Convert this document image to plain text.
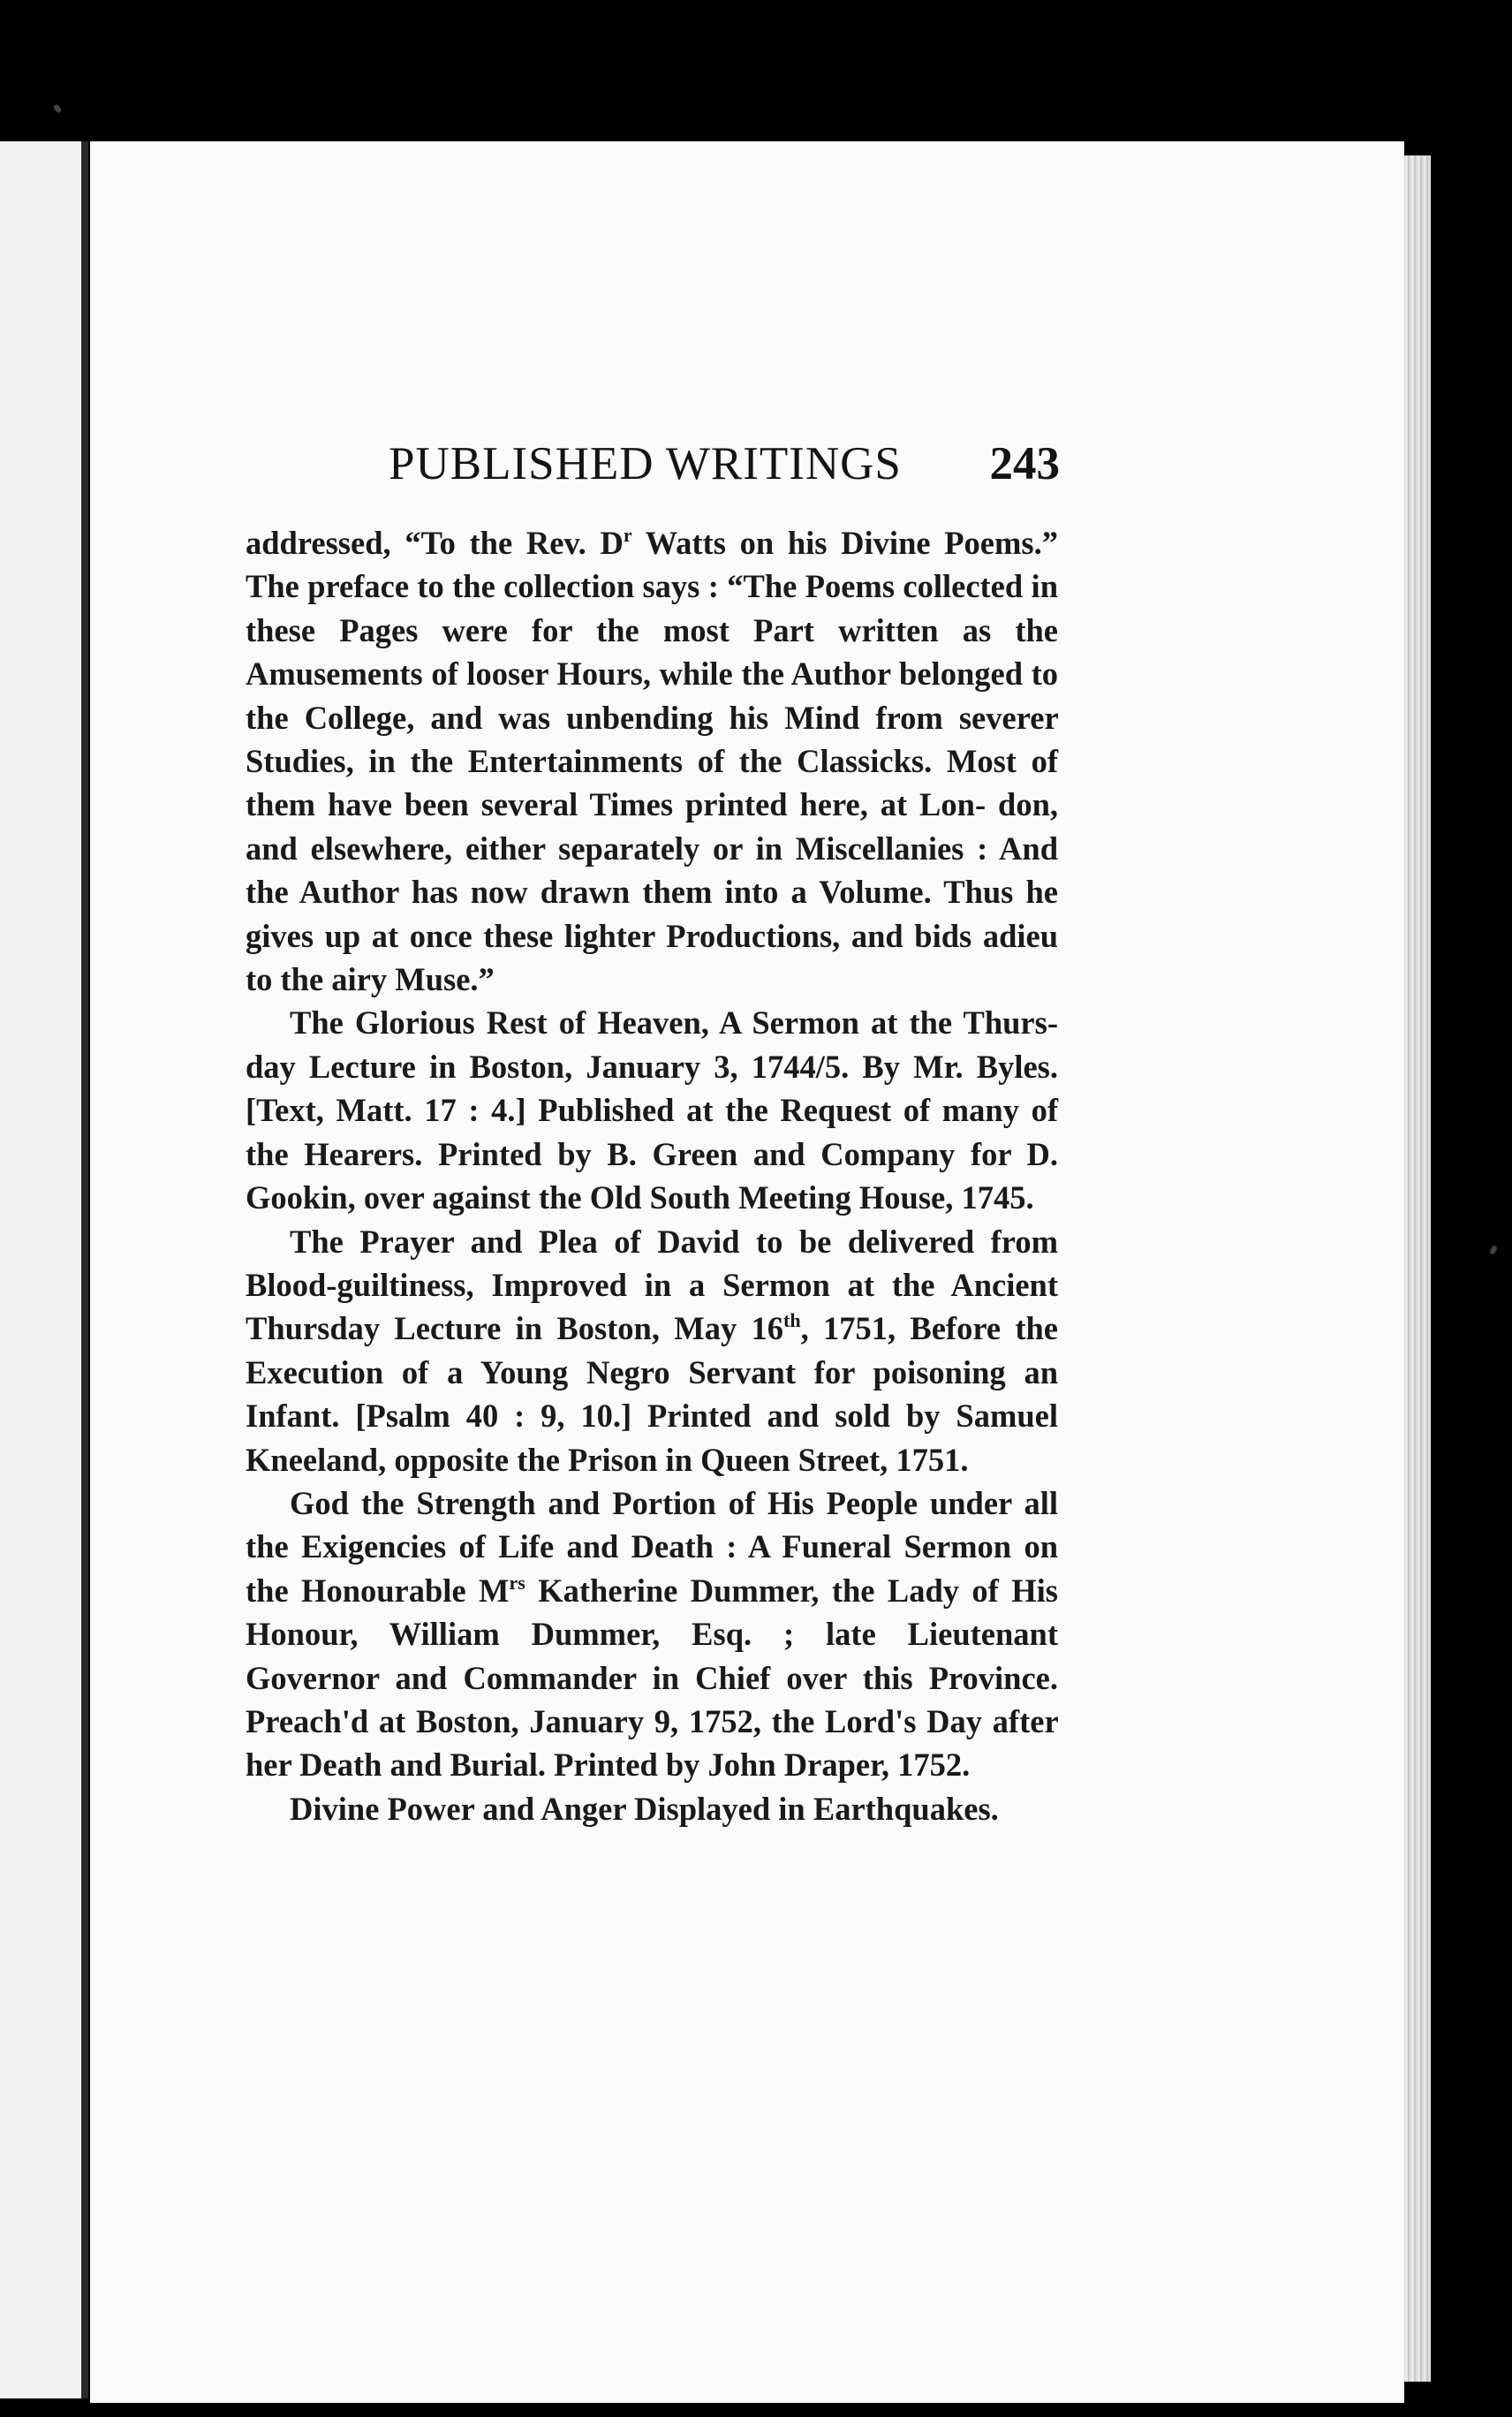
PUBLISHED WRITINGS 243

addressed, “To the Rev. $D^r$ Watts on his Divine Poems.” The preface to the collection says : “The Poems collected in these Pages were for the most Part written as the Amusements of looser Hours, while the Author belonged to the College, and was unbending his Mind from severer Studies, in the Entertainments of the Classicks. Most of them have been several Times printed here, at Lon- don, and elsewhere, either separately or in Miscellanies : And the Author has now drawn them into a Volume. Thus he gives up at once these lighter Productions, and bids adieu to the airy Muse.”

The Glorious Rest of Heaven, A Sermon at the Thurs- day Lecture in Boston, January 3, 1744/5. By Mr. Byles. [Text, Matt. 17 : 4.] Published at the Request of many of the Hearers. Printed by B. Green and Company for D. Gookin, over against the Old South Meeting House, 1745.

The Prayer and Plea of David to be delivered from Blood-guiltiness, Improved in a Sermon at the Ancient Thursday Lecture in Boston, May 16th, 1751, Before the Execution of a Young Negro Servant for poisoning an Infant. [Psalm 40 : 9, 10.] Printed and sold by Samuel Kneeland, opposite the Prison in Queen Street, 1751.

God the Strength and Portion of His People under all the Exigencies of Life and Death : A Funeral Sermon on the Honourable $M^{rs}$ Katherine Dummer, the Lady of His Honour, William Dummer, Esq. ; late Lieutenant Governor and Commander in Chief over this Province. Preach'd at Boston, January 9, 1752, the Lord's Day after her Death and Burial. Printed by John Draper, 1752.

Divine Power and Anger Displayed in Earthquakes.
